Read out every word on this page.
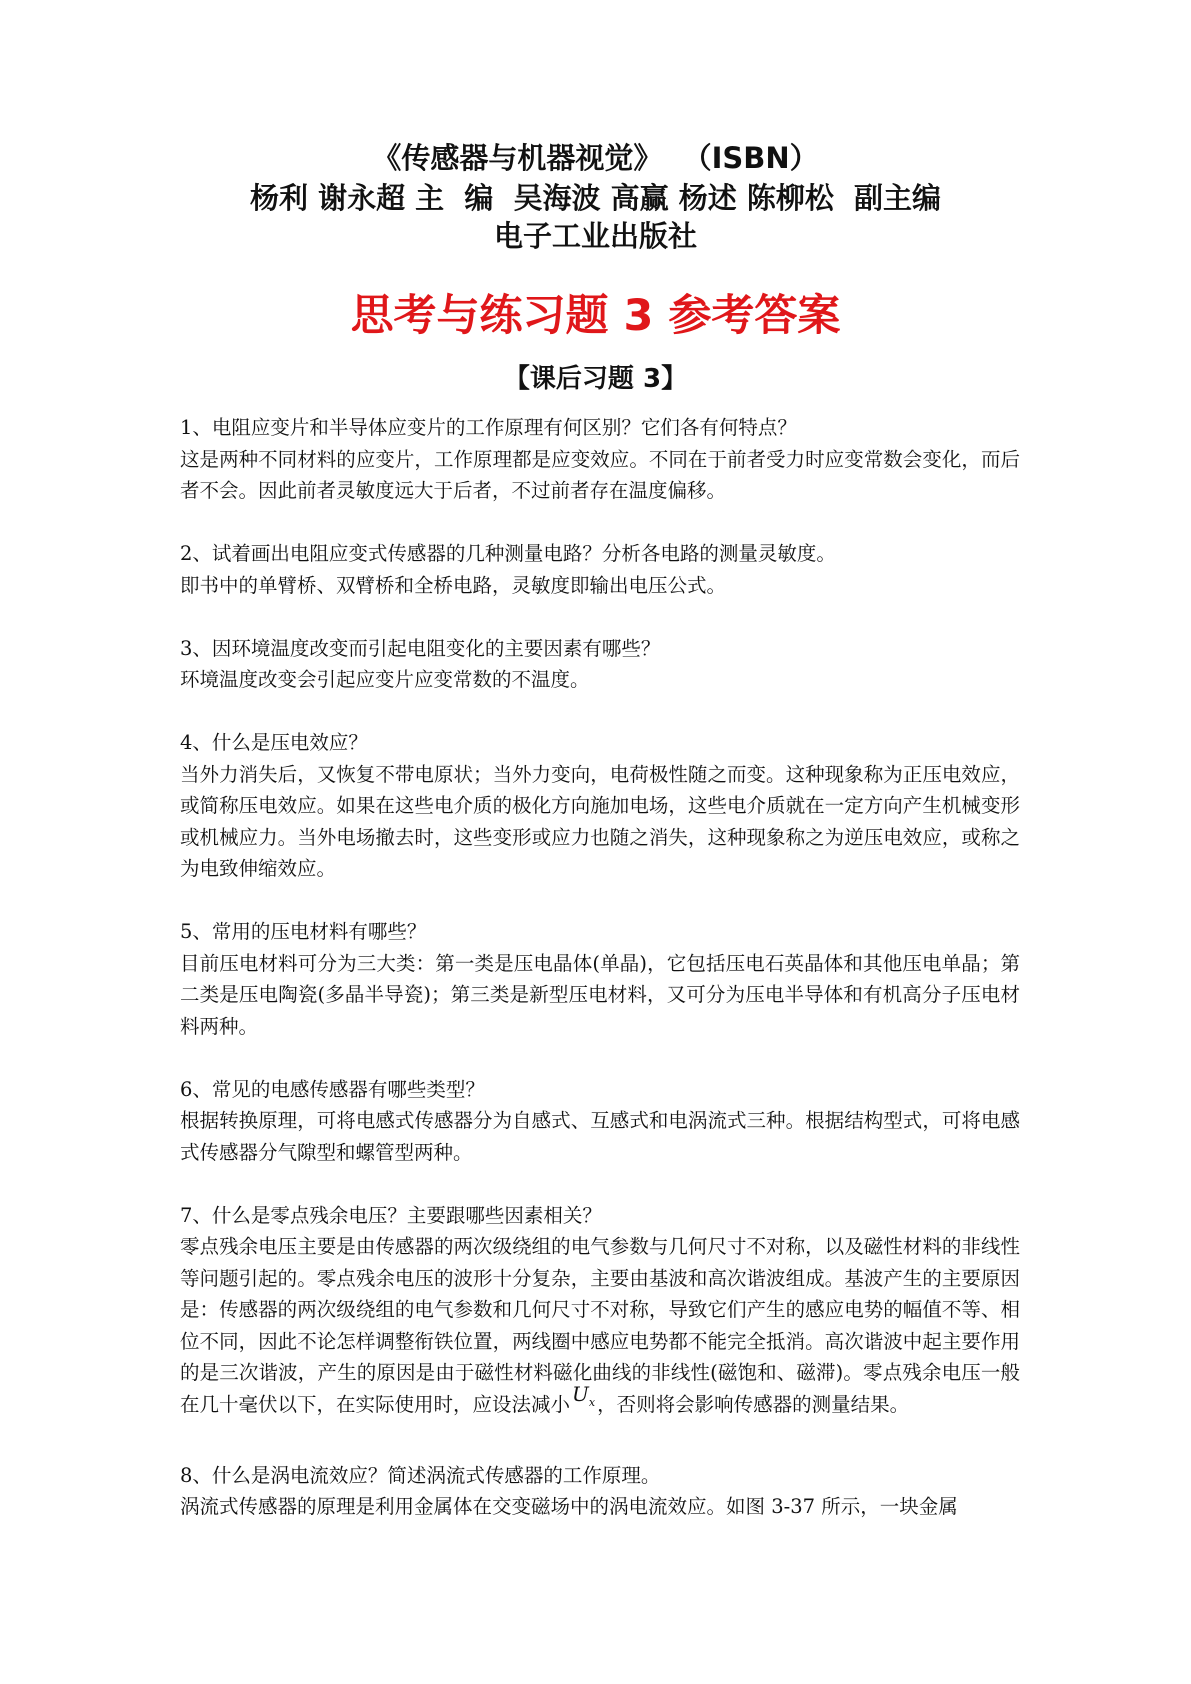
《传感器与机器视觉》  （ISBN）
杨利 谢永超 主  编  吴海波 高赢 杨述 陈柳松  副主编
电子工业出版社
思考与练习题 3 参考答案
【课后习题 3】

1、电阻应变片和半导体应变片的工作原理有何区别？它们各有何特点？

这是两种不同材料的应变片，工作原理都是应变效应。不同在于前者受力时应变常数会变化，而后者不会。因此前者灵敏度远大于后者，不过前者存在温度偏移。

2、试着画出电阻应变式传感器的几种测量电路？分析各电路的测量灵敏度。

即书中的单臂桥、双臂桥和全桥电路，灵敏度即输出电压公式。

3、因环境温度改变而引起电阻变化的主要因素有哪些？

环境温度改变会引起应变片应变常数的不温度。

4、什么是压电效应？

当外力消失后，又恢复不带电原状；当外力变向，电荷极性随之而变。这种现象称为正压电效应，或简称压电效应。如果在这些电介质的极化方向施加电场，这些电介质就在一定方向产生机械变形或机械应力。当外电场撤去时，这些变形或应力也随之消失，这种现象称之为逆压电效应，或称之为电致伸缩效应。

5、常用的压电材料有哪些？

目前压电材料可分为三大类：第一类是压电晶体(单晶)，它包括压电石英晶体和其他压电单晶；第二类是压电陶瓷(多晶半导瓷)；第三类是新型压电材料，又可分为压电半导体和有机高分子压电材料两种。

6、常见的电感传感器有哪些类型？

根据转换原理，可将电感式传感器分为自感式、互感式和电涡流式三种。根据结构型式，可将电感式传感器分气隙型和螺管型两种。

7、什么是零点残余电压？主要跟哪些因素相关？

零点残余电压主要是由传感器的两次级绕组的电气参数与几何尺寸不对称，以及磁性材料的非线性等问题引起的。零点残余电压的波形十分复杂，主要由基波和高次谐波组成。基波产生的主要原因是：传感器的两次级绕组的电气参数和几何尺寸不对称，导致它们产生的感应电势的幅值不等、相位不同，因此不论怎样调整衔铁位置，两线圈中感应电势都不能完全抵消。高次谐波中起主要作用的是三次谐波，产生的原因是由于磁性材料磁化曲线的非线性(磁饱和、磁滞)。零点残余电压一般在几十毫伏以下，在实际使用时，应设法减小 $U_x$ ，否则将会影响传感器的测量结果。

8、什么是涡电流效应？简述涡流式传感器的工作原理。

涡流式传感器的原理是利用金属体在交变磁场中的涡电流效应。如图 3-37 所示，一块金属
